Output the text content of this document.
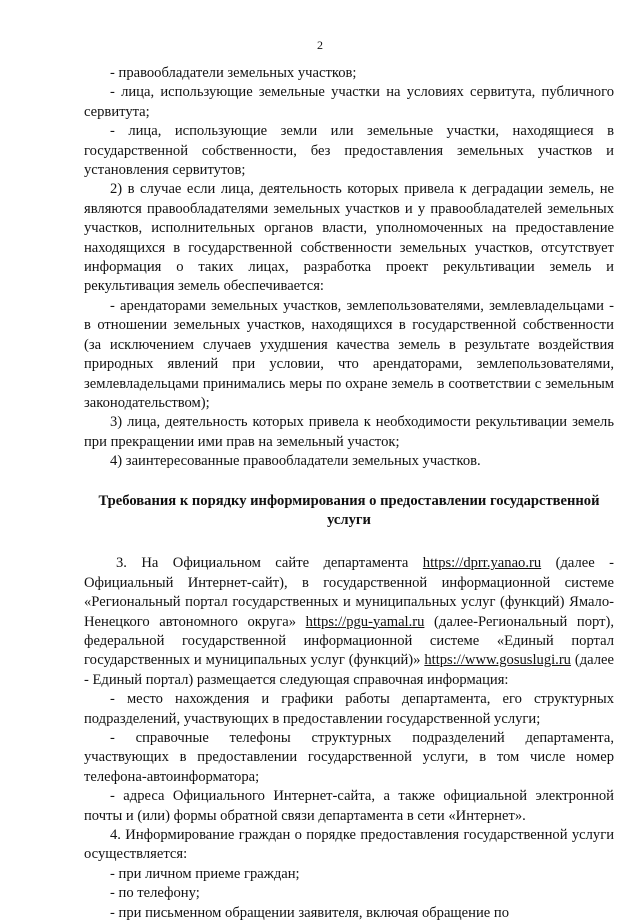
2

- правообладатели земельных участков;

- лица, использующие земельные участки на условиях сервитута, публичного сервитута;

- лица, использующие земли или земельные участки, находящиеся в государственной собственности, без предоставления земельных участков и установления сервитутов;

2) в случае если лица, деятельность которых привела к деградации земель, не являются правообладателями земельных участков и у правообладателей земельных участков, исполнительных органов власти, уполномоченных на предоставление находящихся в государственной собственности земельных участков, отсутствует информация о таких лицах, разработка проект рекультивации земель и рекультивация земель обеспечивается:

- арендаторами земельных участков, землепользователями, землевладельцами - в отношении земельных участков, находящихся в государственной собственности (за исключением случаев ухудшения качества земель в результате воздействия природных явлений при условии, что арендаторами, землепользователями, землевладельцами принимались меры по охране земель в соответствии с земельным законодательством);

3) лица, деятельность которых привела к необходимости рекультивации земель при прекращении ими прав на земельный участок;

4) заинтересованные правообладатели земельных участков.

Требования к порядку информирования о предоставлении государственной услуги

3. На Официальном сайте департамента https://dprr.yanao.ru (далее - Официальный Интернет-сайт), в государственной информационной системе «Региональный портал государственных и муниципальных услуг (функций) Ямало-Ненецкого автономного округа» https://pgu-yamal.ru (далее-Региональный порт), федеральной государственной информационной системе «Единый портал государственных и муниципальных услуг (функций)» https://www.gosuslugi.ru (далее - Единый портал) размещается следующая справочная информация:

- место нахождения и графики работы департамента, его структурных подразделений, участвующих в предоставлении государственной услуги;

- справочные телефоны структурных подразделений департамента, участвующих в предоставлении государственной услуги, в том числе номер телефона-автоинформатора;

- адреса Официального Интернет-сайта, а также официальной электронной почты и (или) формы обратной связи департамента в сети «Интернет».

4. Информирование граждан о порядке предоставления государственной услуги осуществляется:

- при личном приеме граждан;

- по телефону;

- при письменном обращении заявителя, включая обращение по
